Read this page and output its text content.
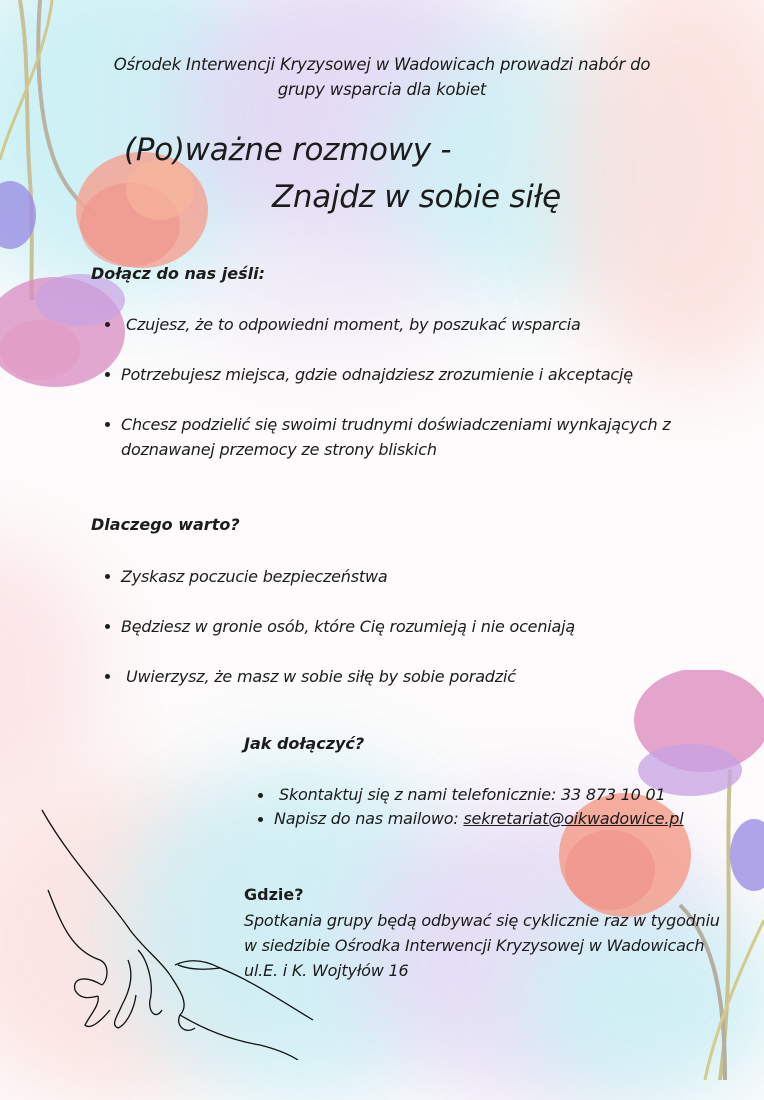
Ośrodek Interwencji Kryzysowej w Wadowicach prowadzi nabór do
grupy wsparcia dla kobiet
(Po)ważne rozmowy -
Znajdz w sobie siłę
Dołącz do nas jeśli:
Czujesz, że to odpowiedni moment, by poszukać wsparcia
Potrzebujesz miejsca, gdzie odnajdziesz zrozumienie i akceptację
Chcesz podzielić się swoimi trudnymi doświadczeniami wynkających z
doznawanej przemocy ze strony bliskich
Dlaczego warto?
Zyskasz poczucie bezpieczeństwa
Będziesz w gronie osób, które Cię rozumieją i nie oceniają
Uwierzysz, że masz w sobie siłę by sobie poradzić
Jak dołączyć?
Skontaktuj się z nami telefonicznie: 33 873 10 01
Napisz do nas mailowo: sekretariat@oikwadowice.pl
Gdzie?
Spotkania grupy będą odbywać się cyklicznie raz w tygodniu
w siedzibie Ośrodka Interwencji Kryzysowej w Wadowicach
ul.E. i K. Wojtyłów 16
